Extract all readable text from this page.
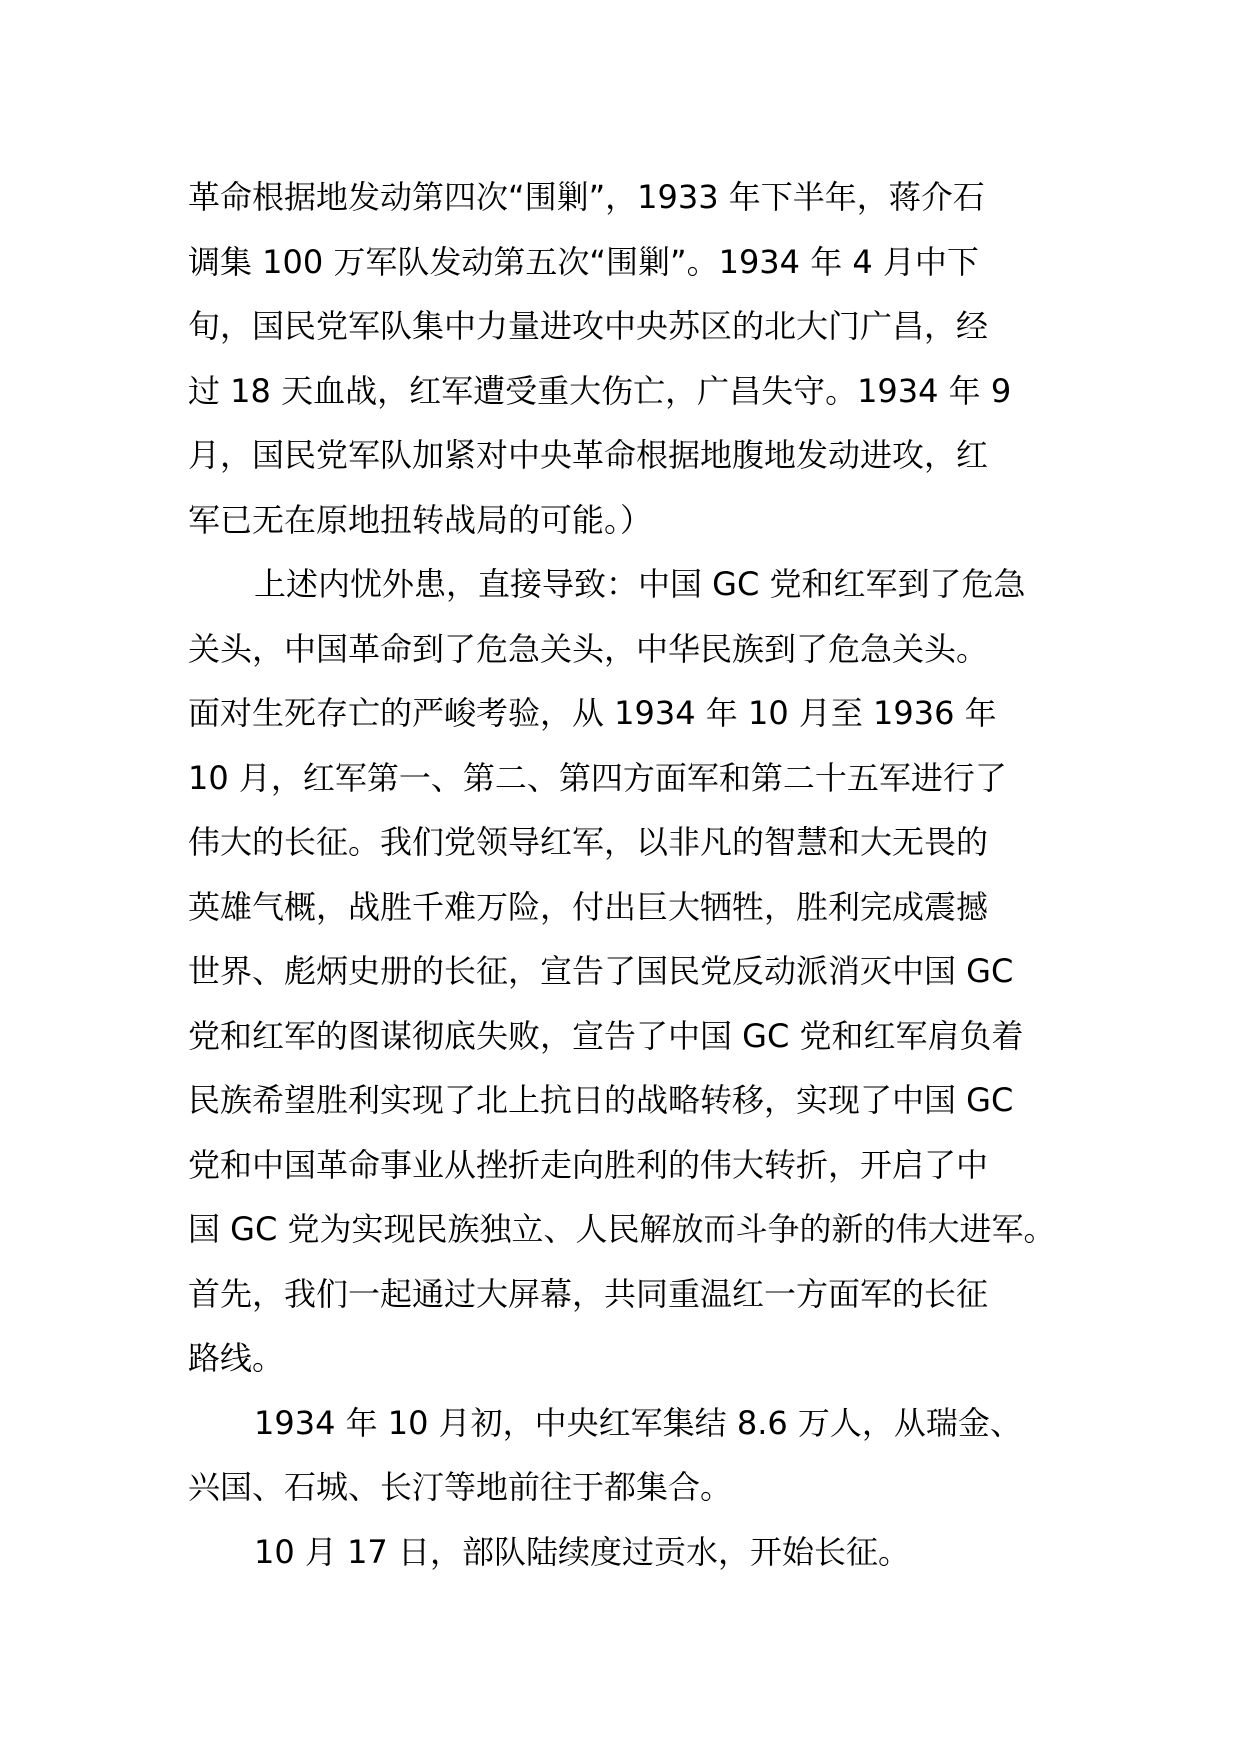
革命根据地发动第四次“围剿”，1933 年下半年，蒋介石
调集 100 万军队发动第五次“围剿”。1934 年 4 月中下
旬，国民党军队集中力量进攻中央苏区的北大门广昌，经
过 18 天血战，红军遭受重大伤亡，广昌失守。1934 年 9
月，国民党军队加紧对中央革命根据地腹地发动进攻，红
军已无在原地扭转战局的可能。）
上述内忧外患，直接导致：中国 GC 党和红军到了危急
关头，中国革命到了危急关头，中华民族到了危急关头。
面对生死存亡的严峻考验，从 1934 年 10 月至 1936 年
10 月，红军第一、第二、第四方面军和第二十五军进行了
伟大的长征。我们党领导红军，以非凡的智慧和大无畏的
英雄气概，战胜千难万险，付出巨大牺牲，胜利完成震撼
世界、彪炳史册的长征，宣告了国民党反动派消灭中国 GC
党和红军的图谋彻底失败，宣告了中国 GC 党和红军肩负着
民族希望胜利实现了北上抗日的战略转移，实现了中国 GC
党和中国革命事业从挫折走向胜利的伟大转折，开启了中
国 GC 党为实现民族独立、人民解放而斗争的新的伟大进军。
首先，我们一起通过大屏幕，共同重温红一方面军的长征
路线。
1934 年 10 月初，中央红军集结 8.6 万人，从瑞金、
兴国、石城、长汀等地前往于都集合。
10 月 17 日，部队陆续度过贡水，开始长征。
